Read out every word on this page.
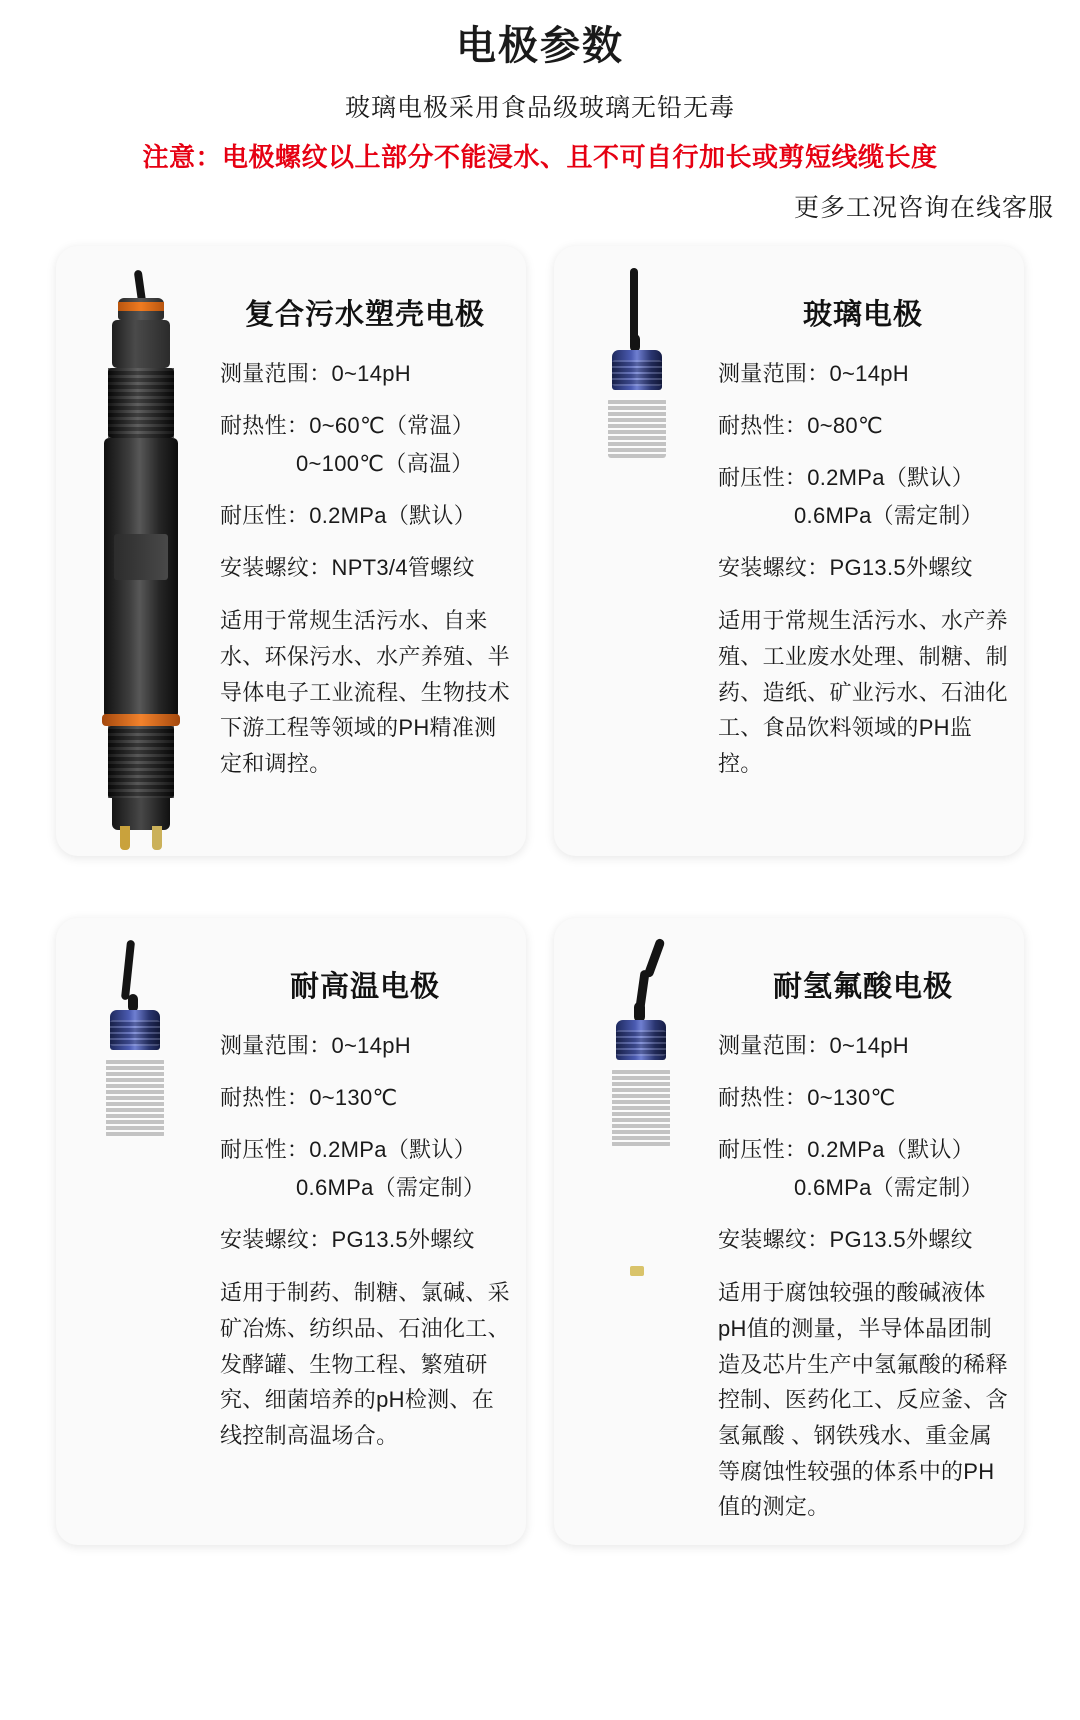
电极参数
玻璃电极采用食品级玻璃无铅无毒
注意：电极螺纹以上部分不能浸水、且不可自行加长或剪短线缆长度
更多工况咨询在线客服
复合污水塑壳电极
测量范围：0~14pH
耐热性：0~60℃（常温）
0~100℃（高温）
耐压性：0.2MPa（默认）
安装螺纹：NPT3/4管螺纹
适用于常规生活污水、自来水、环保污水、水产养殖、半导体电子工业流程、生物技术下游工程等领域的PH精准测定和调控。
玻璃电极
测量范围：0~14pH
耐热性：0~80℃
耐压性：0.2MPa（默认）
0.6MPa（需定制）
安装螺纹：PG13.5外螺纹
适用于常规生活污水、水产养殖、工业废水处理、制糖、制药、造纸、矿业污水、石油化工、食品饮料领域的PH监控。
耐高温电极
测量范围：0~14pH
耐热性：0~130℃
耐压性：0.2MPa（默认）
0.6MPa（需定制）
安装螺纹：PG13.5外螺纹
适用于制药、制糖、氯碱、采矿冶炼、纺织品、石油化工、发酵罐、生物工程、繁殖研究、细菌培养的pH检测、在线控制高温场合。
耐氢氟酸电极
测量范围：0~14pH
耐热性：0~130℃
耐压性：0.2MPa（默认）
0.6MPa（需定制）
安装螺纹：PG13.5外螺纹
适用于腐蚀较强的酸碱液体pH值的测量，半导体晶团制造及芯片生产中氢氟酸的稀释控制、医药化工、反应釜、含氢氟酸 、钢铁残水、重金属等腐蚀性较强的体系中的PH值的测定。
